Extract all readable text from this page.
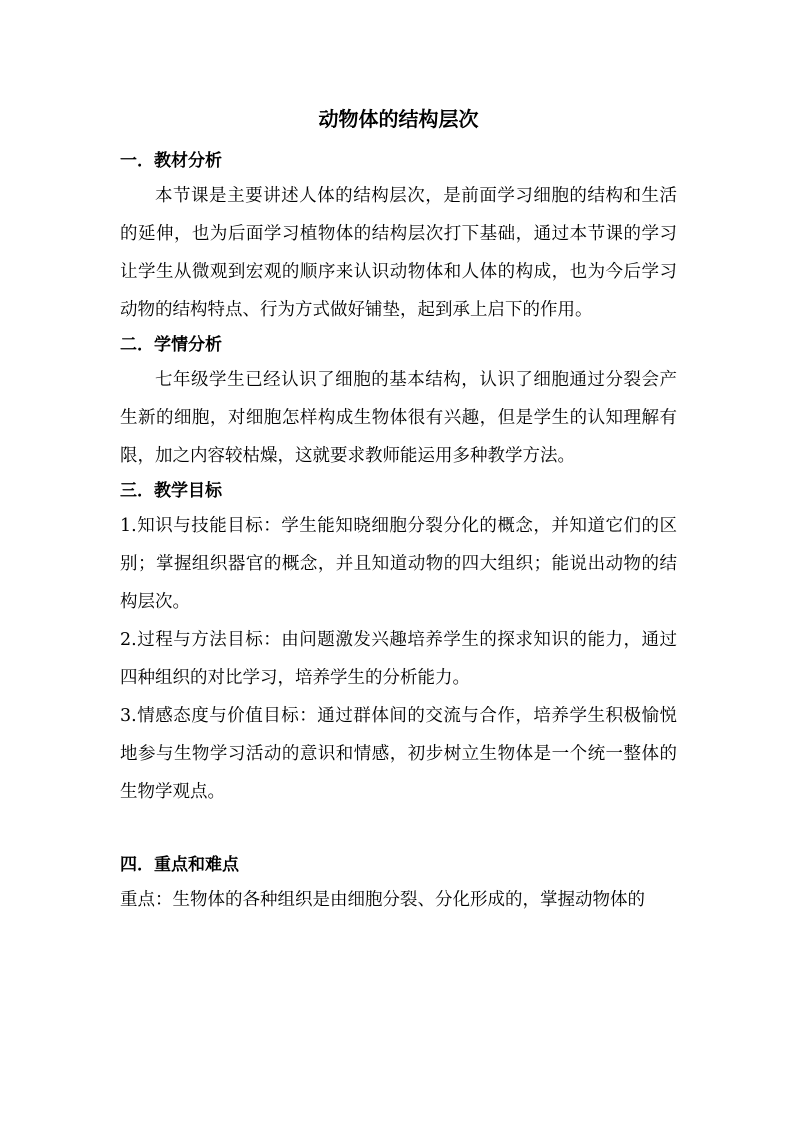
动物体的结构层次
一．教材分析

本节课是主要讲述人体的结构层次，是前面学习细胞的结构和生活的延伸，也为后面学习植物体的结构层次打下基础，通过本节课的学习让学生从微观到宏观的顺序来认识动物体和人体的构成，也为今后学习动物的结构特点、行为方式做好铺垫，起到承上启下的作用。

二．学情分析

七年级学生已经认识了细胞的基本结构，认识了细胞通过分裂会产生新的细胞，对细胞怎样构成生物体很有兴趣，但是学生的认知理解有限，加之内容较枯燥，这就要求教师能运用多种教学方法。

三．教学目标

1.知识与技能目标：学生能知晓细胞分裂分化的概念，并知道它们的区别；掌握组织器官的概念，并且知道动物的四大组织；能说出动物的结构层次。

2.过程与方法目标：由问题激发兴趣培养学生的探求知识的能力，通过四种组织的对比学习，培养学生的分析能力。

3.情感态度与价值目标：通过群体间的交流与合作，培养学生积极愉悦地参与生物学习活动的意识和情感，初步树立生物体是一个统一整体的生物学观点。

四．重点和难点

重点：生物体的各种组织是由细胞分裂、分化形成的，掌握动物体的
